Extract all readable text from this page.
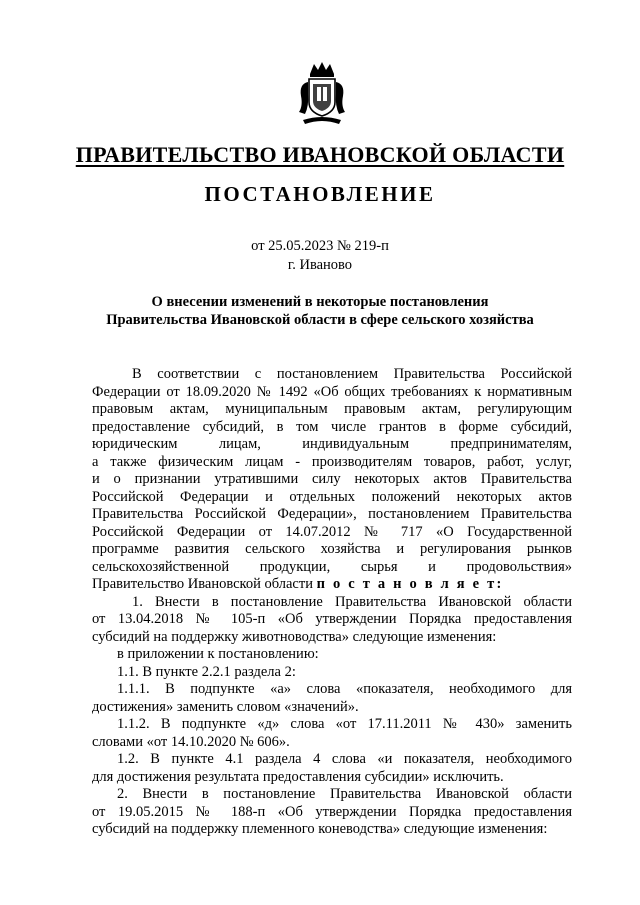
ПРАВИТЕЛЬСТВО ИВАНОВСКОЙ ОБЛАСТИ
ПОСТАНОВЛЕНИЕ
от 25.05.2023 № 219-п
г. Иваново
О внесении изменений в некоторые постановления
Правительства Ивановской области в сфере сельского хозяйства
В соответствии с постановлением Правительства Российской
Федерации от 18.09.2020 № 1492 «Об общих требованиях к нормативным
правовым актам, муниципальным правовым актам, регулирующим
предоставление субсидий, в том числе грантов в форме субсидий,
юридическим лицам, индивидуальным предпринимателям,
а также физическим лицам - производителям товаров, работ, услуг,
и о признании утратившими силу некоторых актов Правительства
Российской Федерации и отдельных положений некоторых актов
Правительства Российской Федерации», постановлением Правительства
Российской Федерации от 14.07.2012 № 717 «О Государственной
программе развития сельского хозяйства и регулирования рынков
сельскохозяйственной продукции, сырья и продовольствия»
Правительство Ивановской области п о с т а н о в л я е т:
1. Внести в постановление Правительства Ивановской области
от 13.04.2018 № 105-п «Об утверждении Порядка предоставления
субсидий на поддержку животноводства» следующие изменения:
в приложении к постановлению:
1.1. В пункте 2.2.1 раздела 2:
1.1.1. В подпункте «а» слова «показателя, необходимого для
достижения» заменить словом «значений».
1.1.2. В подпункте «д» слова «от 17.11.2011 № 430» заменить
словами «от 14.10.2020 № 606».
1.2. В пункте 4.1 раздела 4 слова «и показателя, необходимого
для достижения результата предоставления субсидии» исключить.
2. Внести в постановление Правительства Ивановской области
от 19.05.2015 № 188-п «Об утверждении Порядка предоставления
субсидий на поддержку племенного коневодства» следующие изменения:
